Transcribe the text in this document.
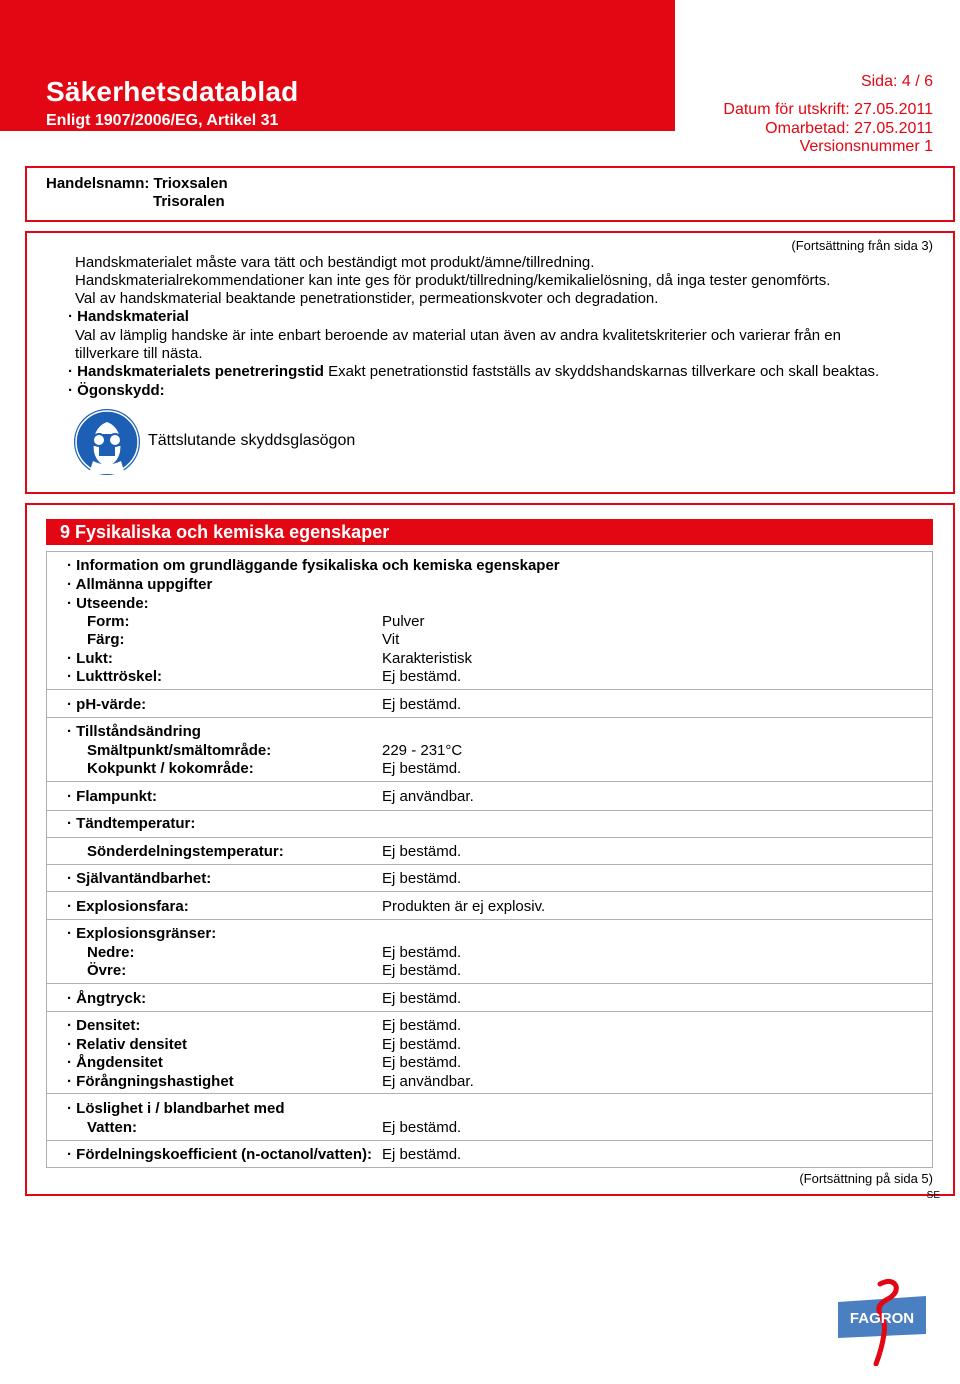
Säkerhetsdatablad
Enligt 1907/2006/EG, Artikel 31
Sida: 4 / 6
Datum för utskrift: 27.05.2011
Omarbetad: 27.05.2011
Versionsnummer 1
Handelsnamn: Trioxsalen
Trisoralen
(Fortsättning från sida 3)
Handskmaterialet måste vara tätt och beständigt mot produkt/ämne/tillredning.
Handskmaterialrekommendationer kan inte ges för produkt/tillredning/kemikalielösning, då inga tester genomförts.
Val av handskmaterial beaktande penetrationstider, permeationskvoter och degradation.
· Handskmaterial
Val av lämplig handske är inte enbart beroende av material utan även av andra kvalitetskriterier och varierar från en
tillverkare till nästa.
· Handskmaterialets penetreringstid Exakt penetrationstid fastställs av skyddshandskarnas tillverkare och skall beaktas.
· Ögonskydd:
Tättslutande skyddsglasögon
9 Fysikaliska och kemiska egenskaper
· Information om grundläggande fysikaliska och kemiska egenskaper
· Allmänna uppgifter
· Utseende:
Form:	Pulver
Färg:	Vit
· Lukt:	Karakteristisk
· Lukttröskel:	Ej bestämd.
· pH-värde:	Ej bestämd.
· Tillståndsändring
Smältpunkt/smältområde:	229 - 231°C
Kokpunkt / kokområde:	Ej bestämd.
· Flampunkt:	Ej användbar.
· Tändtemperatur:
Sönderdelningstemperatur:	Ej bestämd.
· Självantändbarhet:	Ej bestämd.
· Explosionsfara:	Produkten är ej explosiv.
· Explosionsgränser:
Nedre:	Ej bestämd.
Övre:	Ej bestämd.
· Ångtryck:	Ej bestämd.
· Densitet:	Ej bestämd.
· Relativ densitet	Ej bestämd.
· Ångdensitet	Ej bestämd.
· Förångningshastighet	Ej användbar.
· Löslighet i / blandbarhet med
Vatten:	Ej bestämd.
· Fördelningskoefficient (n-octanol/vatten): Ej bestämd.
(Fortsättning på sida 5)
SE
FAGRON
